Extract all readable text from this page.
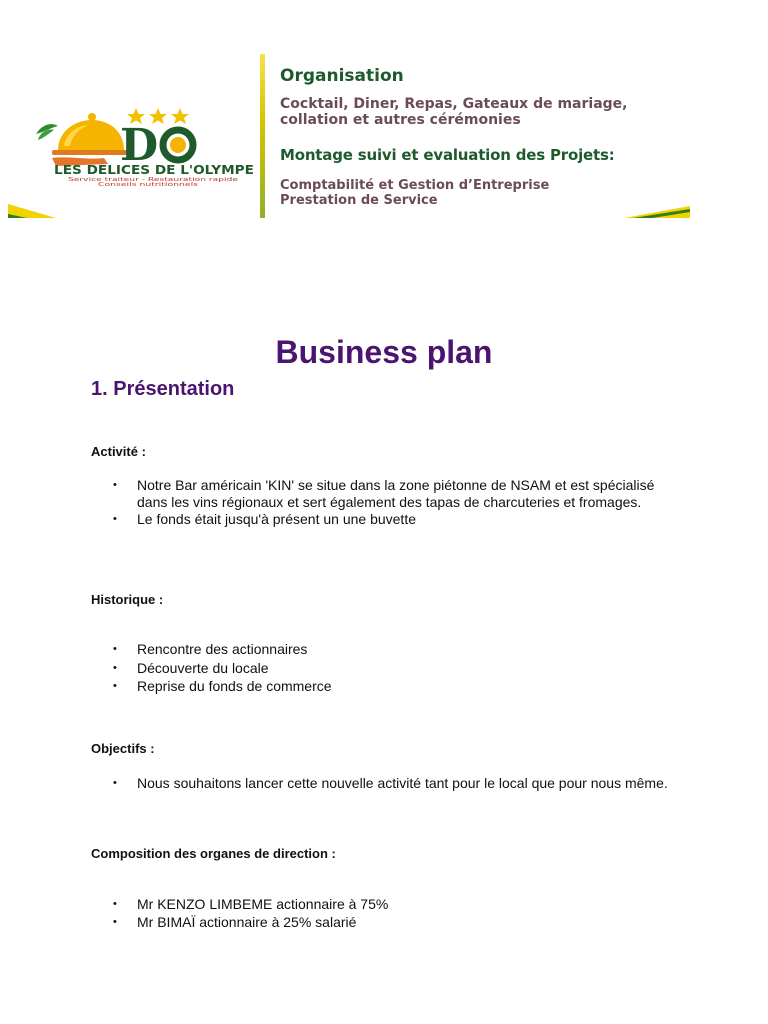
D
LES DELICES DE L'OLYMPE
Service traiteur - Restauration rapide
Conseils nutritionnels
Organisation
Cocktail, Diner, Repas, Gateaux de mariage,
collation et autres cérémonies
Montage suivi et evaluation des Projets:
Comptabilité et Gestion d’Entreprise
Prestation de Service
Business plan
1. Présentation
Activité :
• Notre Bar américain 'KIN' se situe dans la zone piétonne de NSAM et est spécialisé dans les vins régionaux et sert également des tapas de charcuteries et fromages.
• Le fonds était jusqu'à présent un une buvette
Historique :
• Rencontre des actionnaires
• Découverte du locale
• Reprise du fonds de commerce
Objectifs :
• Nous souhaitons lancer cette nouvelle activité tant pour le local que pour nous même.
Composition des organes de direction :
• Mr KENZO LIMBEME actionnaire à 75%
• Mr BIMAÏ actionnaire à 25% salarié
